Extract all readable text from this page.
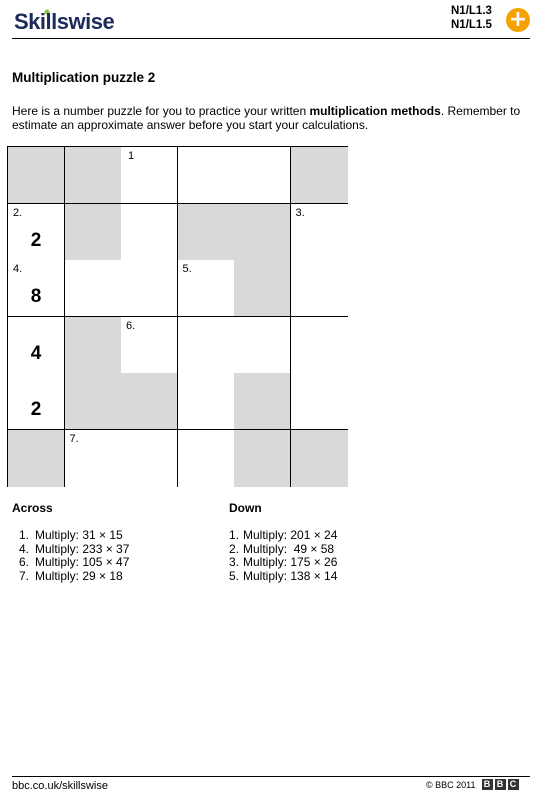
Skillswise	N1/L1.3
N1/L1.5 +
Multiplication puzzle 2
Here is a number puzzle for you to practice your written multiplication methods. Remember to estimate an approximate answer before you start your calculations.
1
2.
2
3.
4.
8
5.
4
6.
2
7.
Across	Down
1. Multiply: 31 × 15
4. Multiply: 233 × 37
6. Multiply: 105 × 47
7. Multiply: 29 × 18
1. Multiply: 201 × 24
2. Multiply:  49 × 58
3. Multiply: 175 × 26
5. Multiply: 138 × 14
bbc.co.uk/skillswise	© BBC 2011 B B C
